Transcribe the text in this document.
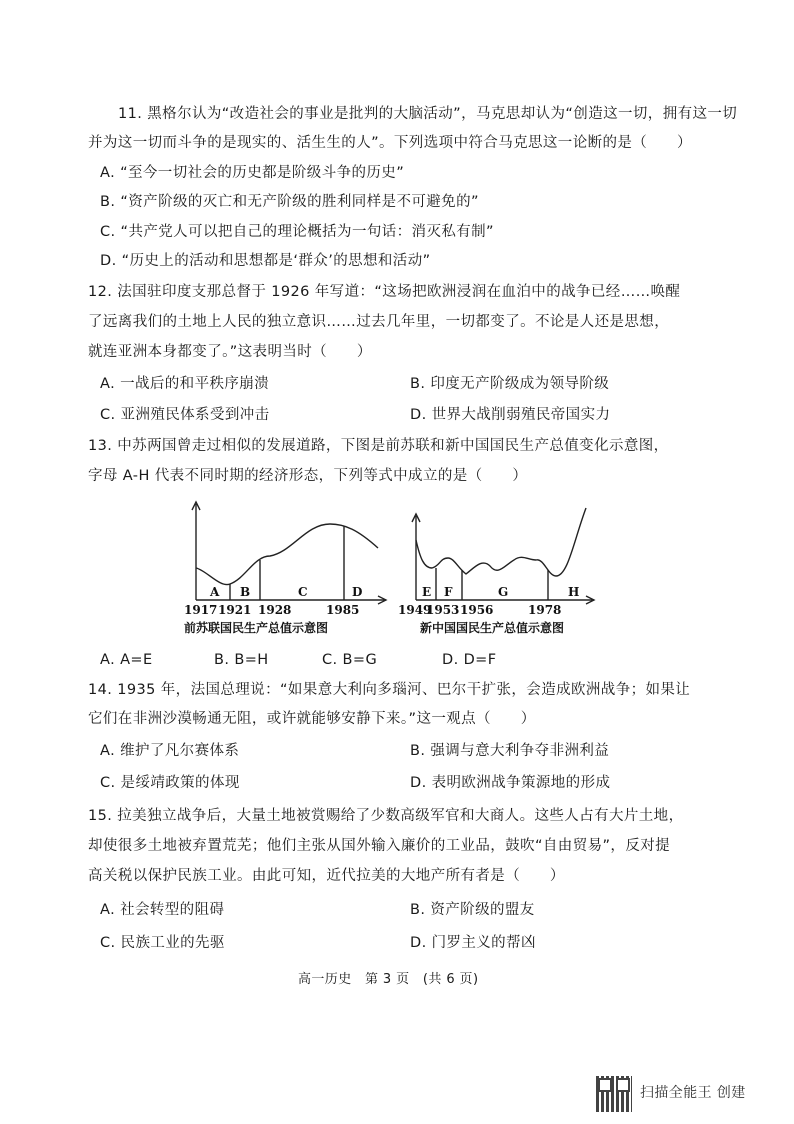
11. 黑格尔认为“改造社会的事业是批判的大脑活动”，马克思却认为“创造这一切，拥有这一切
并为这一切而斗争的是现实的、活生生的人”。下列选项中符合马克思这一论断的是（　　）
A. “至今一切社会的历史都是阶级斗争的历史”
B. “资产阶级的灭亡和无产阶级的胜利同样是不可避免的”
C. “共产党人可以把自己的理论概括为一句话：消灭私有制”
D. “历史上的活动和思想都是‘群众’的思想和活动”
12. 法国驻印度支那总督于 1926 年写道：“这场把欧洲浸润在血泊中的战争已经……唤醒
了远离我们的土地上人民的独立意识……过去几年里，一切都变了。不论是人还是思想，
就连亚洲本身都变了。”这表明当时（　　）
A. 一战后的和平秩序崩溃	B. 印度无产阶级成为领导阶级
C. 亚洲殖民体系受到冲击	D. 世界大战削弱殖民帝国实力
13. 中苏两国曾走过相似的发展道路，下图是前苏联和新中国国民生产总值变化示意图，
字母 A-H 代表不同时期的经济形态，下列等式中成立的是（　　）
A B	C	D
1917 1921 1928	1985
前苏联国民生产总值示意图
E F	G	H
1949
1953 1956	1978
新中国国民生产总值示意图
A. A=E	B. B=H	C. B=G	D. D=F
14. 1935 年，法国总理说：“如果意大利向多瑙河、巴尔干扩张，会造成欧洲战争；如果让
它们在非洲沙漠畅通无阻，或许就能够安静下来。”这一观点（　　）
A. 维护了凡尔赛体系	B. 强调与意大利争夺非洲利益
C. 是绥靖政策的体现	D. 表明欧洲战争策源地的形成
15. 拉美独立战争后，大量土地被赏赐给了少数高级军官和大商人。这些人占有大片土地，
却使很多土地被弃置荒芜；他们主张从国外输入廉价的工业品，鼓吹“自由贸易”，反对提
高关税以保护民族工业。由此可知，近代拉美的大地产所有者是（　　）
A. 社会转型的阻碍	B. 资产阶级的盟友
C. 民族工业的先驱	D. 门罗主义的帮凶
高一历史　第 3 页　(共 6 页)
扫描全能王 创建
